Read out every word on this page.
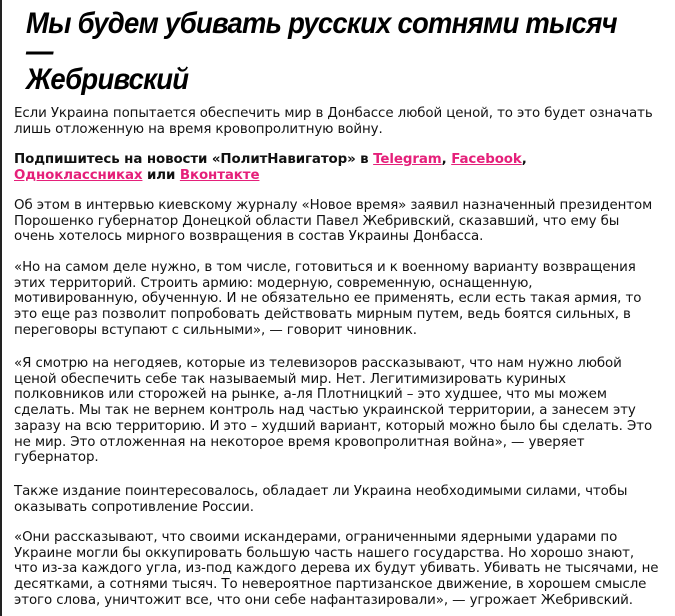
Мы будем убивать русских сотнями тысяч —
Жебривский

Если Украина попытается обеспечить мир в Донбассе любой ценой, то это будет означать
лишь отложенную на время кровопролитную войну.

Подпишитесь на новости «ПолитНавигатор» в Telegram, Facebook,
Одноклассниках или Вконтакте

Об этом в интервью киевскому журналу «Новое время» заявил назначенный президентом
Порошенко губернатор Донецкой области Павел Жебривский, сказавший, что ему бы
очень хотелось мирного возвращения в состав Украины Донбасса.

«Но на самом деле нужно, в том числе, готовиться и к военному варианту возвращения
этих территорий. Строить армию: модерную, современную, оснащенную,
мотивированную, обученную. И не обязательно ее применять, если есть такая армия, то
это еще раз позволит попробовать действовать мирным путем, ведь боятся сильных, в
переговоры вступают с сильными», — говорит чиновник.

«Я смотрю на негодяев, которые из телевизоров рассказывают, что нам нужно любой
ценой обеспечить себе так называемый мир. Нет. Легитимизировать куриных
полковников или сторожей на рынке, а-ля Плотницкий – это худшее, что мы можем
сделать. Мы так не вернем контроль над частью украинской территории, а занесем эту
заразу на всю территорию. И это – худший вариант, который можно было бы сделать. Это
не мир. Это отложенная на некоторое время кровопролитная война», — уверяет
губернатор.

Также издание поинтересовалось, обладает ли Украина необходимыми силами, чтобы
оказывать сопротивление России.

«Они рассказывают, что своими искандерами, ограниченными ядерными ударами по
Украине могли бы оккупировать большую часть нашего государства. Но хорошо знают,
что из-за каждого угла, из-под каждого дерева их будут убивать. Убивать не тысячами, не
десятками, а сотнями тысяч. То невероятное партизанское движение, в хорошем смысле
этого слова, уничтожит все, что они себе нафантазировали», — угрожает Жебривский.
